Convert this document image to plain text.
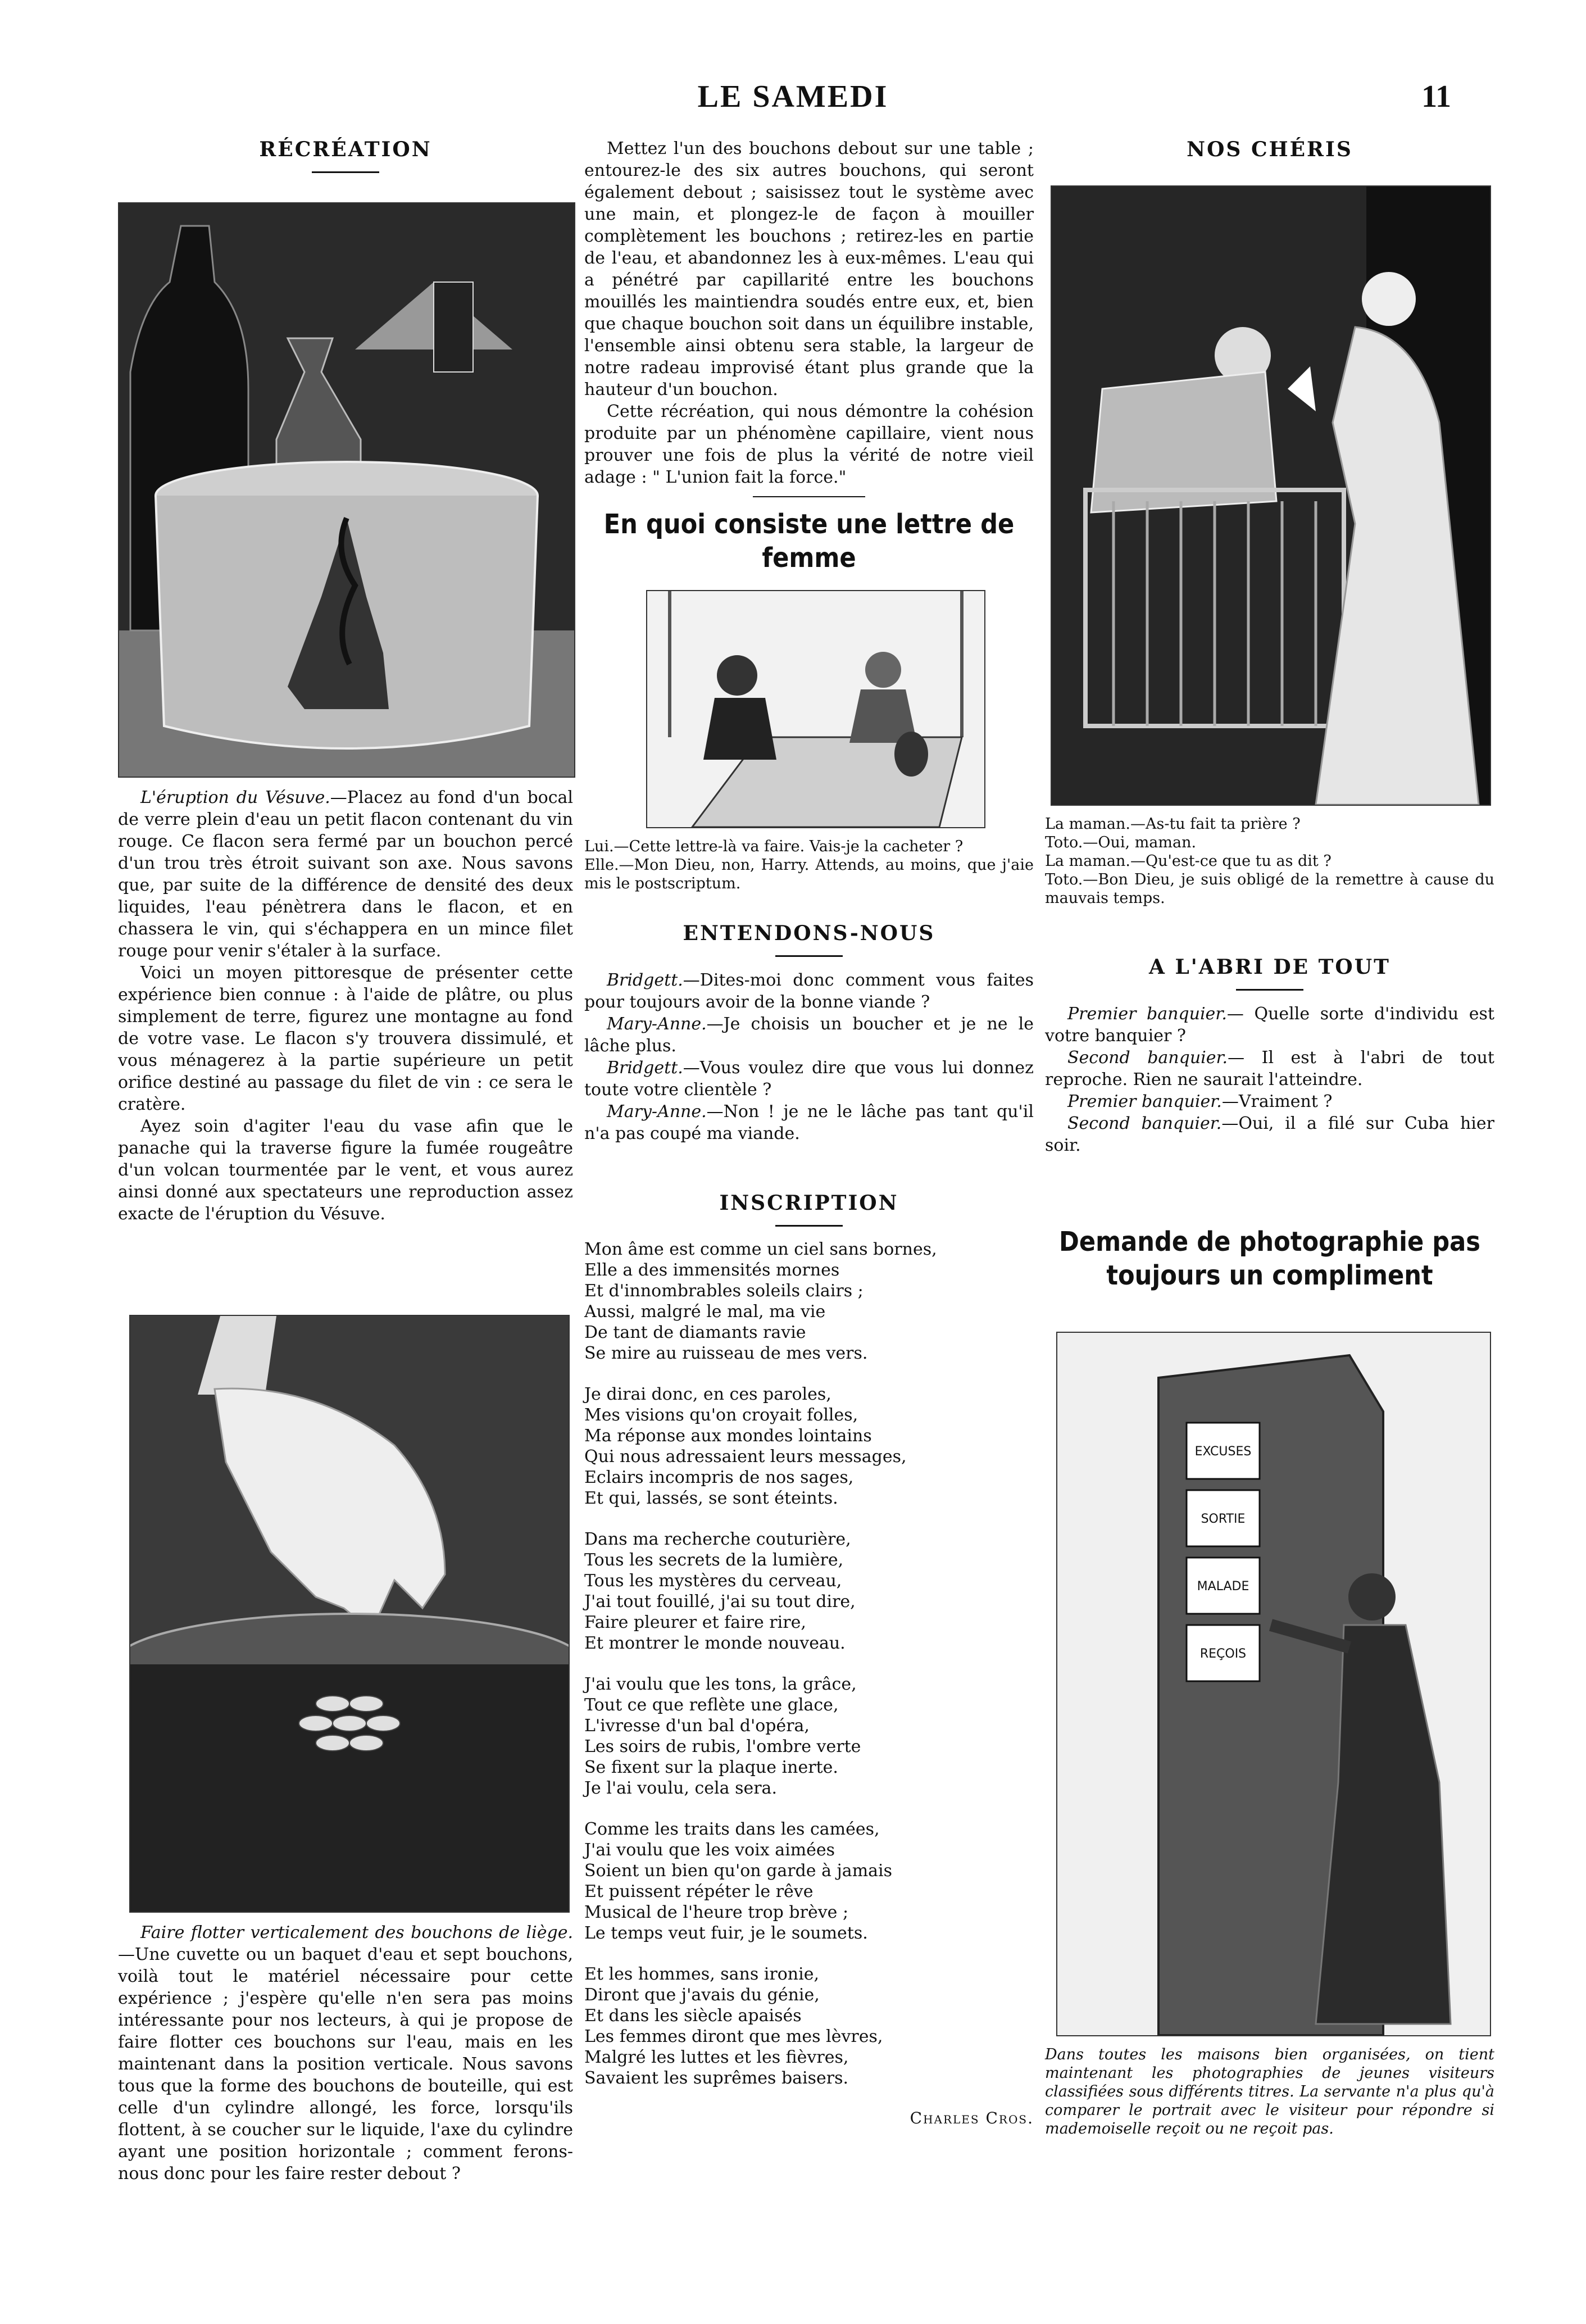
LE SAMEDI	11
RÉCRÉATION

L'éruption du Vésuve.—Placez au fond d'un bocal de verre plein d'eau un petit flacon contenant du vin rouge. Ce flacon sera fermé par un bouchon percé d'un trou très étroit suivant son axe. Nous savons que, par suite de la différence de densité des deux liquides, l'eau pénètrera dans le flacon, et en chassera le vin, qui s'échappera en un mince filet rouge pour venir s'étaler à la surface.

Voici un moyen pittoresque de présenter cette expérience bien connue : à l'aide de plâtre, ou plus simplement de terre, figurez une montagne au fond de votre vase. Le flacon s'y trouvera dissimulé, et vous ménagerez à la partie supérieure un petit orifice destiné au passage du filet de vin : ce sera le cratère.

Ayez soin d'agiter l'eau du vase afin que le panache qui la traverse figure la fumée rougeâtre d'un volcan tourmentée par le vent, et vous aurez ainsi donné aux spectateurs une reproduction assez exacte de l'éruption du Vésuve.

Faire flotter verticalement des bouchons de liège.—Une cuvette ou un baquet d'eau et sept bouchons, voilà tout le matériel nécessaire pour cette expérience ; j'espère qu'elle n'en sera pas moins intéressante pour nos lecteurs, à qui je propose de faire flotter ces bouchons sur l'eau, mais en les maintenant dans la position verticale. Nous savons tous que la forme des bouchons de bouteille, qui est celle d'un cylindre allongé, les force, lorsqu'ils flottent, à se coucher sur le liquide, l'axe du cylindre ayant une position horizontale ; comment ferons-nous donc pour les faire rester debout ?

Mettez l'un des bouchons debout sur une table ; entourez-le des six autres bouchons, qui seront également debout ; saisissez tout le système avec une main, et plongez-le de façon à mouiller complètement les bouchons ; retirez-les en partie de l'eau, et abandonnez les à eux-mêmes. L'eau qui a pénétré par capillarité entre les bouchons mouillés les maintiendra soudés entre eux, et, bien que chaque bouchon soit dans un équilibre instable, l'ensemble ainsi obtenu sera stable, la largeur de notre radeau improvisé étant plus grande que la hauteur d'un bouchon.

Cette récréation, qui nous démontre la cohésion produite par un phénomène capillaire, vient nous prouver une fois de plus la vérité de notre vieil adage : " L'union fait la force."

En quoi consiste une lettre de femme
Lui.—Cette lettre-là va faire. Vais-je la cacheter ?
Elle.—Mon Dieu, non, Harry. Attends, au moins, que j'aie mis le postscriptum.
ENTENDONS-NOUS

Bridgett.—Dites-moi donc comment vous faites pour toujours avoir de la bonne viande ?

Mary-Anne.—Je choisis un boucher et je ne le lâche plus.

Bridgett.—Vous voulez dire que vous lui donnez toute votre clientèle ?

Mary-Anne.—Non ! je ne le lâche pas tant qu'il n'a pas coupé ma viande.

INSCRIPTION
Mon âme est comme un ciel sans bornes,
Elle a des immensités mornes
Et d'innombrables soleils clairs ;
Aussi, malgré le mal, ma vie
De tant de diamants ravie
Se mire au ruisseau de mes vers.
Je dirai donc, en ces paroles,
Mes visions qu'on croyait folles,
Ma réponse aux mondes lointains
Qui nous adressaient leurs messages,
Eclairs incompris de nos sages,
Et qui, lassés, se sont éteints.
Dans ma recherche couturière,
Tous les secrets de la lumière,
Tous les mystères du cerveau,
J'ai tout fouillé, j'ai su tout dire,
Faire pleurer et faire rire,
Et montrer le monde nouveau.
J'ai voulu que les tons, la grâce,
Tout ce que reflète une glace,
L'ivresse d'un bal d'opéra,
Les soirs de rubis, l'ombre verte
Se fixent sur la plaque inerte.
Je l'ai voulu, cela sera.
Comme les traits dans les camées,
J'ai voulu que les voix aimées
Soient un bien qu'on garde à jamais
Et puissent répéter le rêve
Musical de l'heure trop brève ;
Le temps veut fuir, je le soumets.
Et les hommes, sans ironie,
Diront que j'avais du génie,
Et dans les siècle apaisés
Les femmes diront que mes lèvres,
Malgré les luttes et les fièvres,
Savaient les suprêmes baisers.
Charles Cros.
NOS CHÉRIS
La maman.—As-tu fait ta prière ?
Toto.—Oui, maman.
La maman.—Qu'est-ce que tu as dit ?
Toto.—Bon Dieu, je suis obligé de la remettre à cause du mauvais temps.
A L'ABRI DE TOUT

Premier banquier.— Quelle sorte d'individu est votre banquier ?

Second banquier.— Il est à l'abri de tout reproche. Rien ne saurait l'atteindre.

Premier banquier.—Vraiment ?

Second banquier.—Oui, il a filé sur Cuba hier soir.

Demande de photographie pas toujours un compliment
EXCUSES
SORTIE
MALADE
REÇOIS
Dans toutes les maisons bien organisées, on tient maintenant les photographies de jeunes visiteurs classifiées sous différents titres. La servante n'a plus qu'à comparer le portrait avec le visiteur pour répondre si mademoiselle reçoit ou ne reçoit pas.
